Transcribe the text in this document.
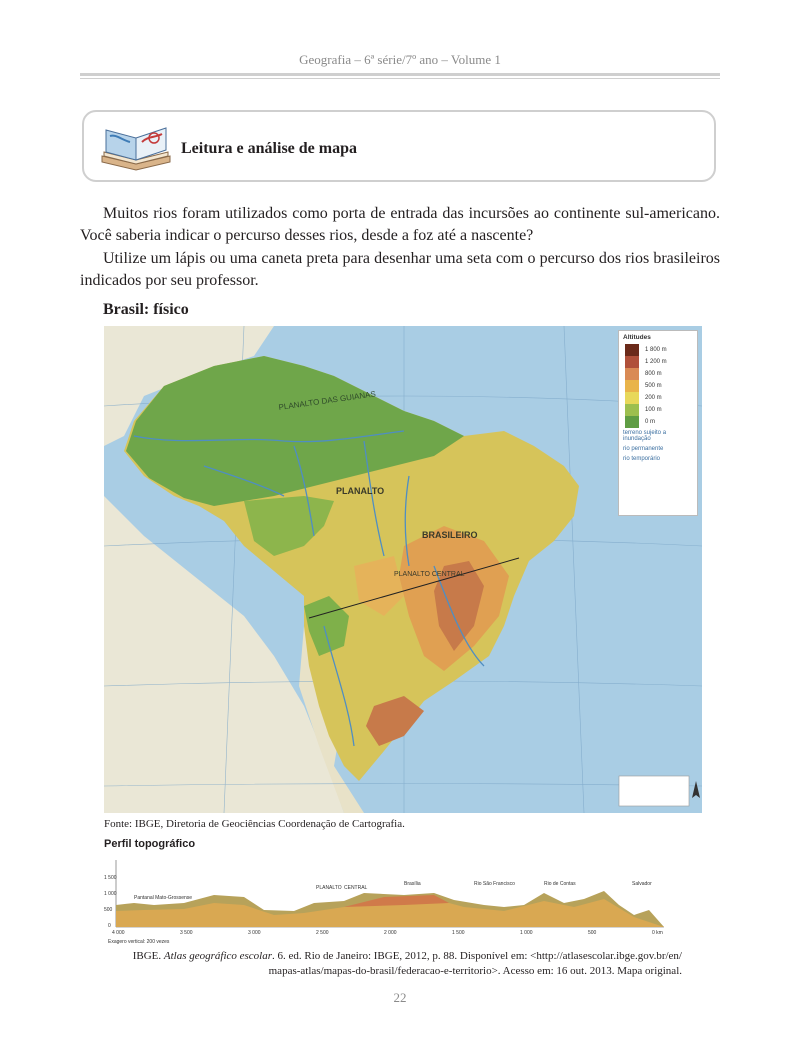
Geografia – 6ª série/7º ano – Volume 1
Leitura e análise de mapa
Muitos rios foram utilizados como porta de entrada das incursões ao continente sul-americano. Você saberia indicar o percurso desses rios, desde a foz até a nascente?
Utilize um lápis ou uma caneta preta para desenhar uma seta com o percurso dos rios brasileiros indicados por seu professor.
Brasil: físico
PLANALTO DAS GUIANAS
PLANALTO
BRASILEIRO
PLANALTO CENTRAL
Altitudes
1 800 m
1 200 m
800 m
500 m
200 m
100 m
0 m
terreno sujeito a inundação
rio permanente
rio temporário
Fonte: IBGE, Diretoria de Geociências Coordenação de Cartografia.
Perfil topográfico
1 500
1 000
500
0
4 000	3 500	3 000	2 500	2 000	1 500	1 000	500	0 km
Pantanal Mato-Grossense
PLANALTO CENTRAL
Brasília	Rio São Francisco	Rio de Contas	Salvador
Exagero vertical: 200 vezes
IBGE. Atlas geográfico escolar. 6. ed. Rio de Janeiro: IBGE, 2012, p. 88. Disponível em: <http://atlasescolar.ibge.gov.br/en/
mapas-atlas/mapas-do-brasil/federacao-e-territorio>. Acesso em: 16 out. 2013. Mapa original.
22
